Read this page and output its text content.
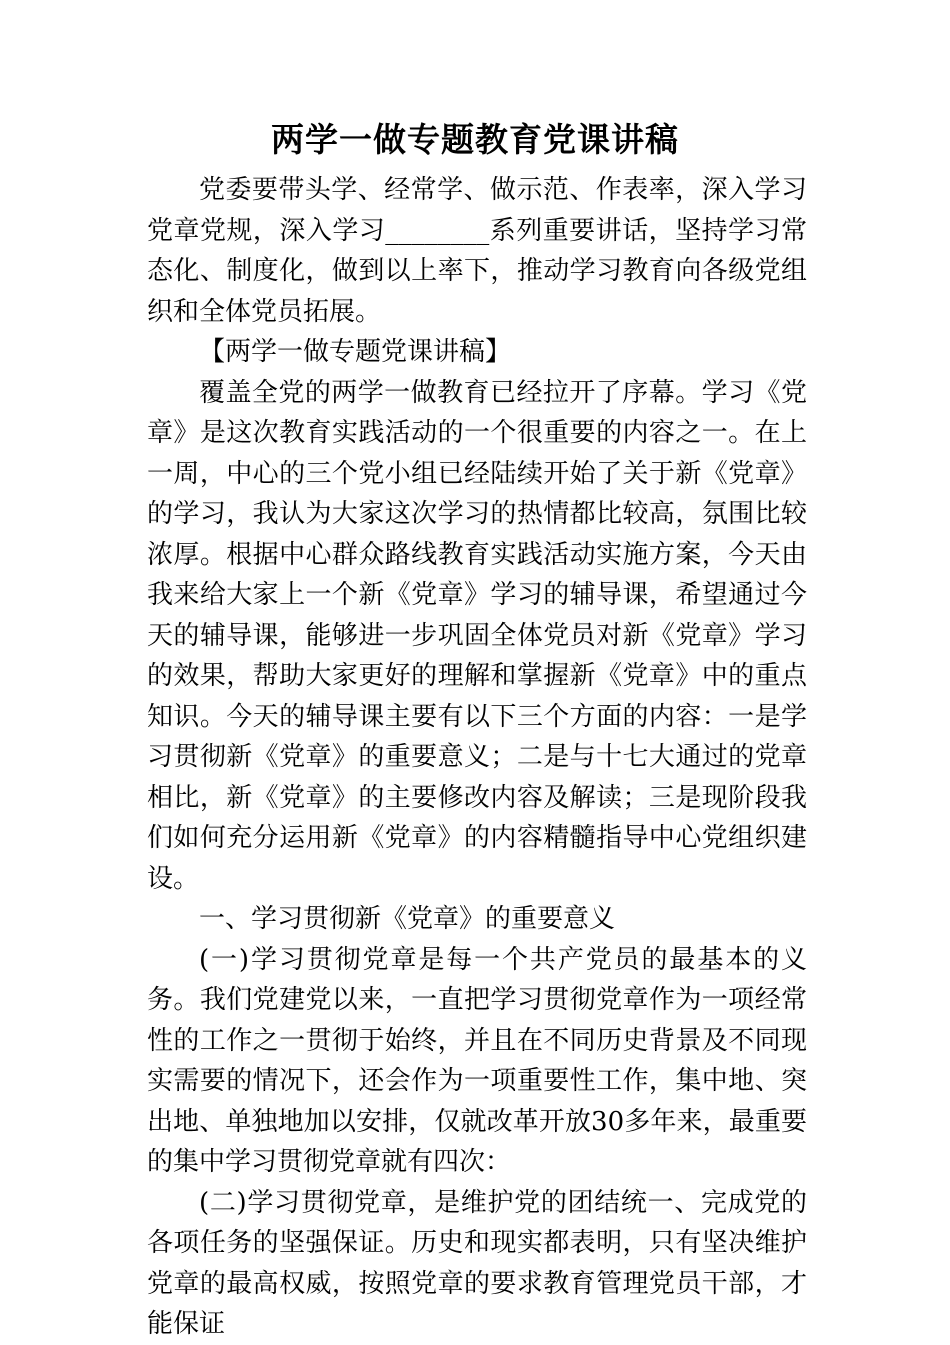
两学一做专题教育党课讲稿

党委要带头学、经常学、做示范、作表率，深入学习党章党规，深入学习________系列重要讲话，坚持学习常态化、制度化，做到以上率下，推动学习教育向各级党组织和全体党员拓展。

【两学一做专题党课讲稿】

覆盖全党的两学一做教育已经拉开了序幕。学习《党章》是这次教育实践活动的一个很重要的内容之一。在上一周，中心的三个党小组已经陆续开始了关于新《党章》的学习，我认为大家这次学习的热情都比较高，氛围比较浓厚。根据中心群众路线教育实践活动实施方案，今天由我来给大家上一个新《党章》学习的辅导课，希望通过今天的辅导课，能够进一步巩固全体党员对新《党章》学习的效果，帮助大家更好的理解和掌握新《党章》中的重点知识。今天的辅导课主要有以下三个方面的内容：一是学习贯彻新《党章》的重要意义；二是与十七大通过的党章相比，新《党章》的主要修改内容及解读；三是现阶段我们如何充分运用新《党章》的内容精髓指导中心党组织建设。

一、学习贯彻新《党章》的重要意义

(一)学习贯彻党章是每一个共产党员的最基本的义务。我们党建党以来，一直把学习贯彻党章作为一项经常性的工作之一贯彻于始终，并且在不同历史背景及不同现实需要的情况下，还会作为一项重要性工作，集中地、突出地、单独地加以安排，仅就改革开放30多年来，最重要的集中学习贯彻党章就有四次：

(二)学习贯彻党章，是维护党的团结统一、完成党的各项任务的坚强保证。历史和现实都表明，只有坚决维护党章的最高权威，按照党章的要求教育管理党员干部，才能保证
